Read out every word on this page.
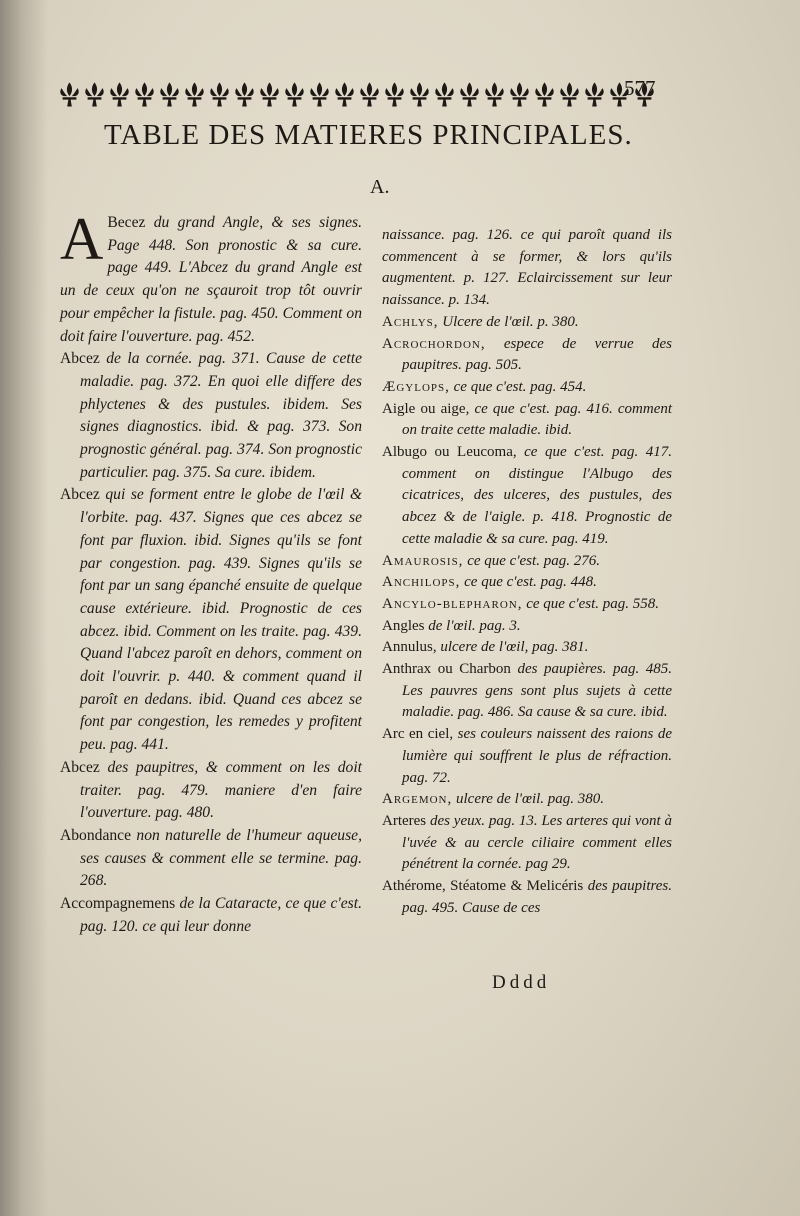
577
TABLE DES MATIERES PRINCIPALES.
A.

A Becez du grand Angle, & ses signes. Page 448. Son pronostic & sa cure. page 449. L'Abcez du grand Angle est un de ceux qu'on ne sçauroit trop tôt ouvrir pour empêcher la fistule. pag. 450. Comment on doit faire l'ouverture. pag. 452.

Abcez de la cornée. pag. 371. Cause de cette maladie. pag. 372. En quoi elle differe des phlyctenes & des pustules. ibidem. Ses signes diagnostics. ibid. & pag. 373. Son prognostic général. pag. 374. Son prognostic particulier. pag. 375. Sa cure. ibidem.

Abcez qui se forment entre le globe de l'œil & l'orbite. pag. 437. Signes que ces abcez se font par fluxion. ibid. Signes qu'ils se font par congestion. pag. 439. Signes qu'ils se font par un sang épanché ensuite de quelque cause extérieure. ibid. Prognostic de ces abcez. ibid. Comment on les traite. pag. 439. Quand l'abcez paroît en dehors, comment on doit l'ouvrir. p. 440. & comment quand il paroît en dedans. ibid. Quand ces abcez se font par congestion, les remedes y profitent peu. pag. 441.

Abcez des paupitres, & comment on les doit traiter. pag. 479. maniere d'en faire l'ouverture. pag. 480.

Abondance non naturelle de l'humeur aqueuse, ses causes & comment elle se termine. pag. 268.

Accompagnemens de la Cataracte, ce que c'est. pag. 120. ce qui leur donne

naissance. pag. 126. ce qui paroît quand ils commencent à se former, & lors qu'ils augmentent. p. 127. Eclaircissement sur leur naissance. p. 134.

Achlys, Ulcere de l'œil. p. 380.

Acrochordon, espece de verrue des paupitres. pag. 505.

Ægylops, ce que c'est. pag. 454.

Aigle ou aige, ce que c'est. pag. 416. comment on traite cette maladie. ibid.

Albugo ou Leucoma, ce que c'est. pag. 417. comment on distingue l'Albugo des cicatrices, des ulceres, des pustules, des abcez & de l'aigle. p. 418. Prognostic de cette maladie & sa cure. pag. 419.

Amaurosis, ce que c'est. pag. 276.

Anchilops, ce que c'est. pag. 448.

Ancylo-blepharon, ce que c'est. pag. 558.

Angles de l'œil. pag. 3.

Annulus, ulcere de l'œil, pag. 381.

Anthrax ou Charbon des paupières. pag. 485. Les pauvres gens sont plus sujets à cette maladie. pag. 486. Sa cause & sa cure. ibid.

Arc en ciel, ses couleurs naissent des raions de lumière qui souffrent le plus de réfraction. pag. 72.

Argemon, ulcere de l'œil. pag. 380.

Arteres des yeux. pag. 13. Les arteres qui vont à l'uvée & au cercle ciliaire comment elles pénétrent la cornée. pag 29.

Athérome, Stéatome & Melicéris des paupitres. pag. 495. Cause de ces

Dddd
